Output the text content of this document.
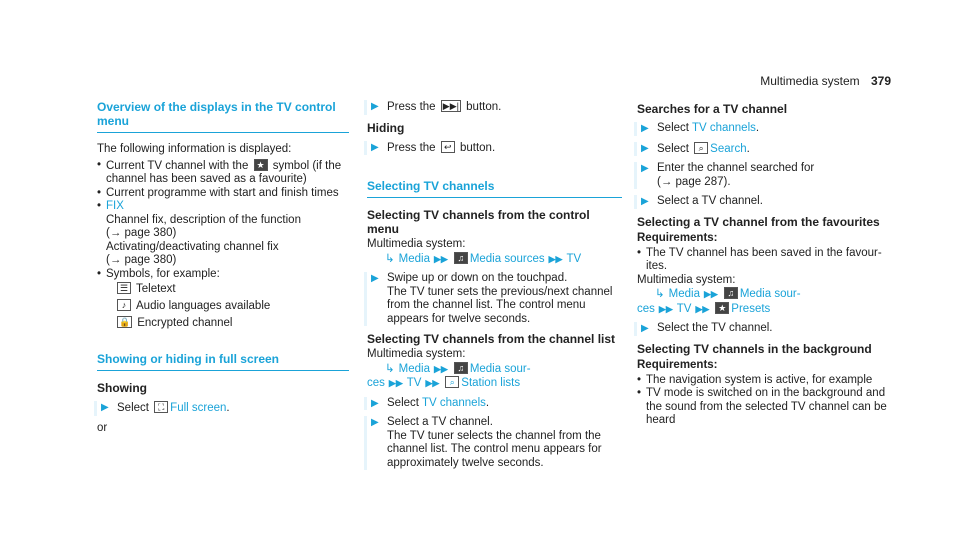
Multimedia system 379
Overview of the displays in the TV control menu

The following information is displayed:

• Current TV channel with the ★ symbol (if the channel has been saved as a favourite)
• Current programme with start and finish times
• FIX
Channel fix, description of the function
(→ page 380)
Activating/deactivating channel fix
(→ page 380)
• Symbols, for example:
☰ Teletext
♪ Audio languages available
🔒 Encrypted channel
Showing or hiding in full screen
Showing
▶ Select ⛶ Full screen.

or

▶ Press the ▶▶| button.
Hiding
▶ Press the ↩ button.
Selecting TV channels
Selecting TV channels from the control menu

Multimedia system:

↳ Media ▶▶ ♫ Media sources ▶▶ TV
▶ Swipe up or down on the touchpad.
The TV tuner sets the previous/next channel from the channel list. The control menu appears for twelve seconds.
Selecting TV channels from the channel list

Multimedia system:

↳ Media ▶▶ ♫ Media sour-
ces ▶▶ TV ▶▶ ⌕ Station lists
▶ Select TV channels.
▶ Select a TV channel.
The TV tuner selects the channel from the channel list. The control menu appears for approximately twelve seconds.
Searches for a TV channel
▶ Select TV channels.
▶ Select ⌕ Search.
▶ Enter the channel searched for
(→ page 287).
▶ Select a TV channel.
Selecting a TV channel from the favourites
Requirements:
• The TV channel has been saved in the favour-ites.

Multimedia system:

↳ Media ▶▶ ♫ Media sour-
ces ▶▶ TV ▶▶ ★ Presets
▶ Select the TV channel.
Selecting TV channels in the background
Requirements:
• The navigation system is active, for example
• TV mode is switched on in the background and the sound from the selected TV channel can be heard
